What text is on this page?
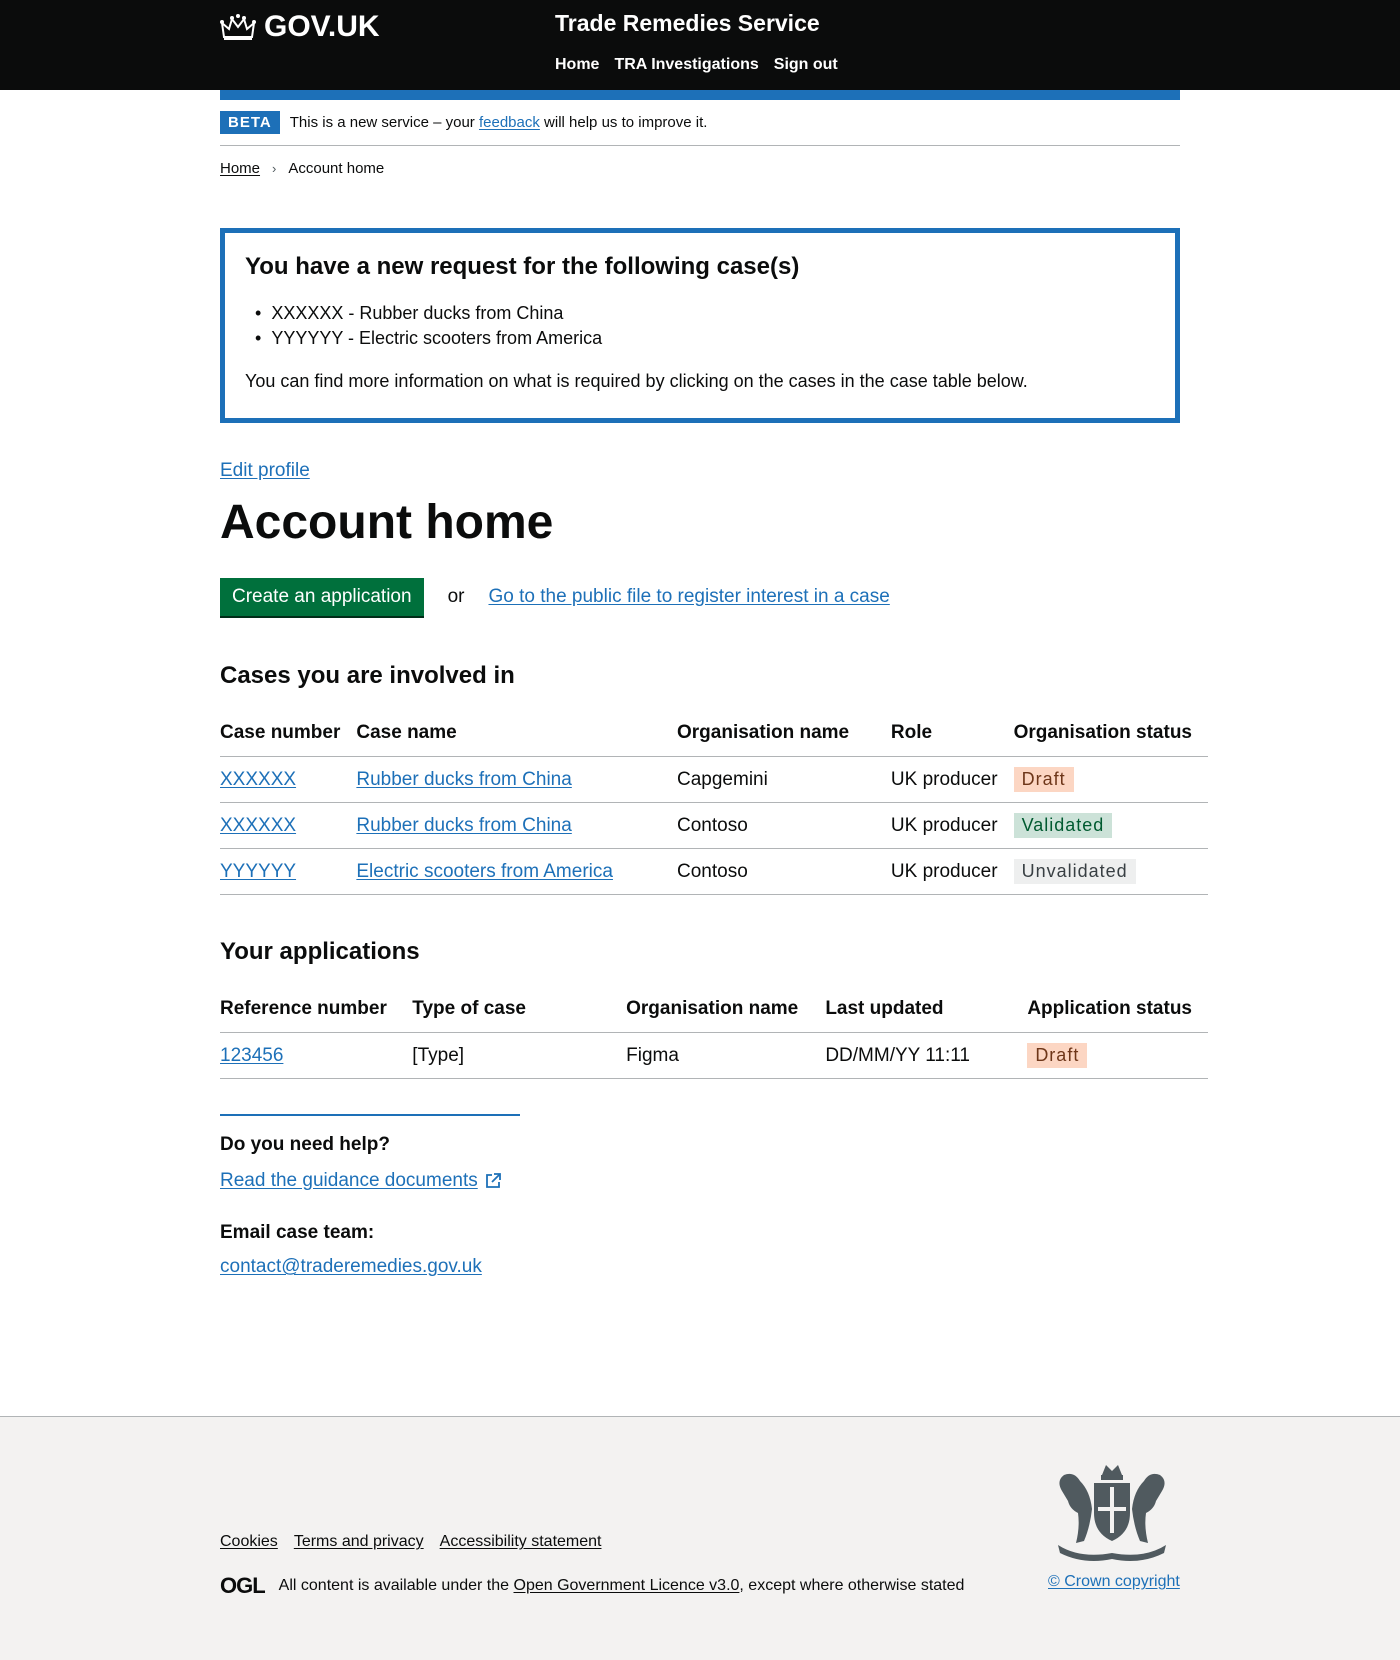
GOV.UK	Trade Remedies Service
Home TRA Investigations Sign out
BETA	This is a new service – your
feedback
will help us to improve it.
Home › Account home
You have a new request for the following case(s)
• XXXXXX - Rubber ducks from China
• YYYYYY - Electric scooters from America

You can find more information on what is required by clicking on the cases in the case table below.

Edit profile
Account home
Create an application	or Go to the public file to register interest in a case
Cases you are involved in
Case number	Case name	Organisation name	Role	Organisation status
XXXXXX	Rubber ducks from China	Capgemini	UK producer	Draft
XXXXXX	Rubber ducks from China	Contoso	UK producer	Validated
YYYYYY	Electric scooters from America	Contoso	UK producer	Unvalidated
Your applications
Reference number	Type of case	Organisation name	Last updated	Application status
123456	[Type]	Figma	DD/MM/YY 11:11	Draft
Do you need help?
Read the guidance documents
Email case team:
contact@traderemedies.gov.uk
Cookies Terms and privacy Accessibility statement
OGL All content is available under the
Open Government Licence v3.0 , except where otherwise stated	© Crown copyright
